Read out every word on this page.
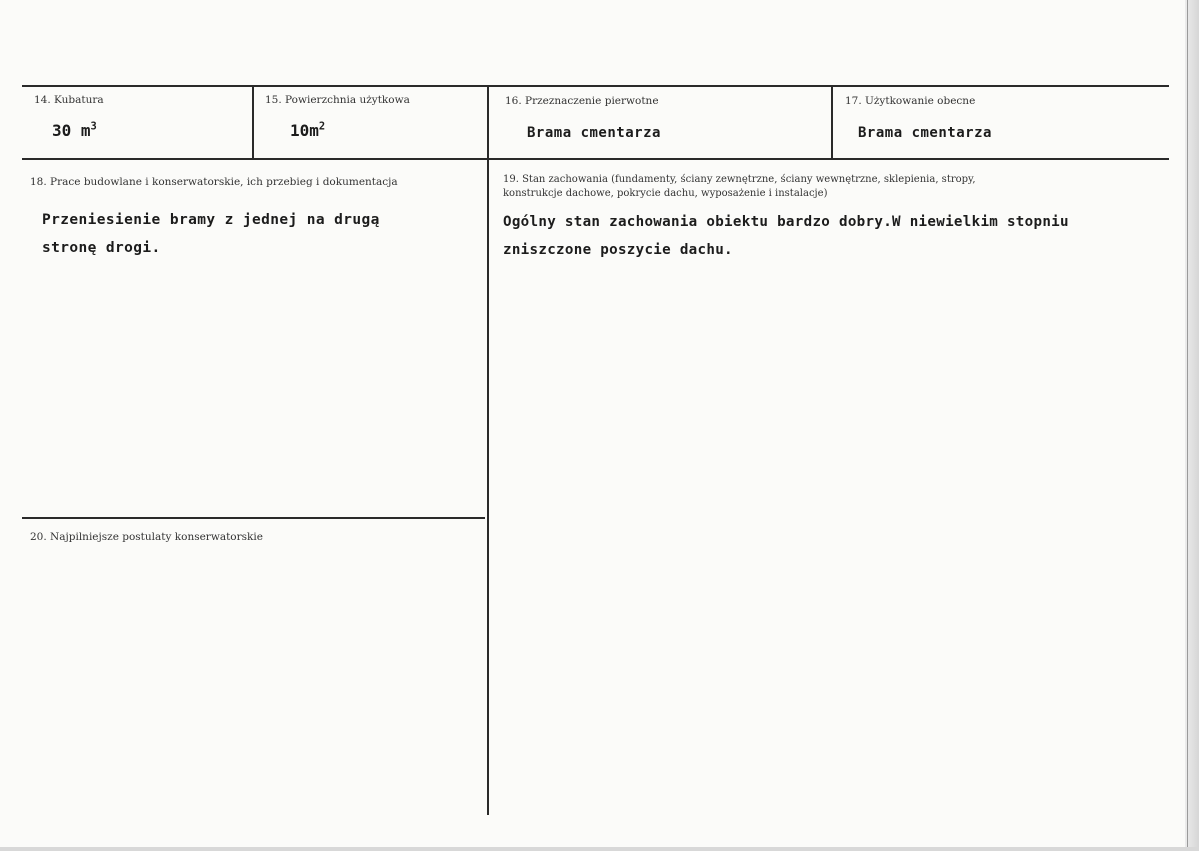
14. Kubatura
30 $m^3$
15. Powierzchnia użytkowa
$10m^2$
16. Przeznaczenie pierwotne
Brama cmentarza
17. Użytkowanie obecne
Brama cmentarza
18. Prace budowlane i konserwatorskie, ich przebieg i dokumentacja
Przeniesienie bramy z jednej na drugą
stronę drogi.
19. Stan zachowania (fundamenty, ściany zewnętrzne, ściany wewnętrzne, sklepienia, stropy,
konstrukcje dachowe, pokrycie dachu, wyposażenie i instalacje)
Ogólny stan zachowania obiektu bardzo dobry.W niewielkim stopniu
zniszczone poszycie dachu.
20. Najpilniejsze postulaty konserwatorskie
